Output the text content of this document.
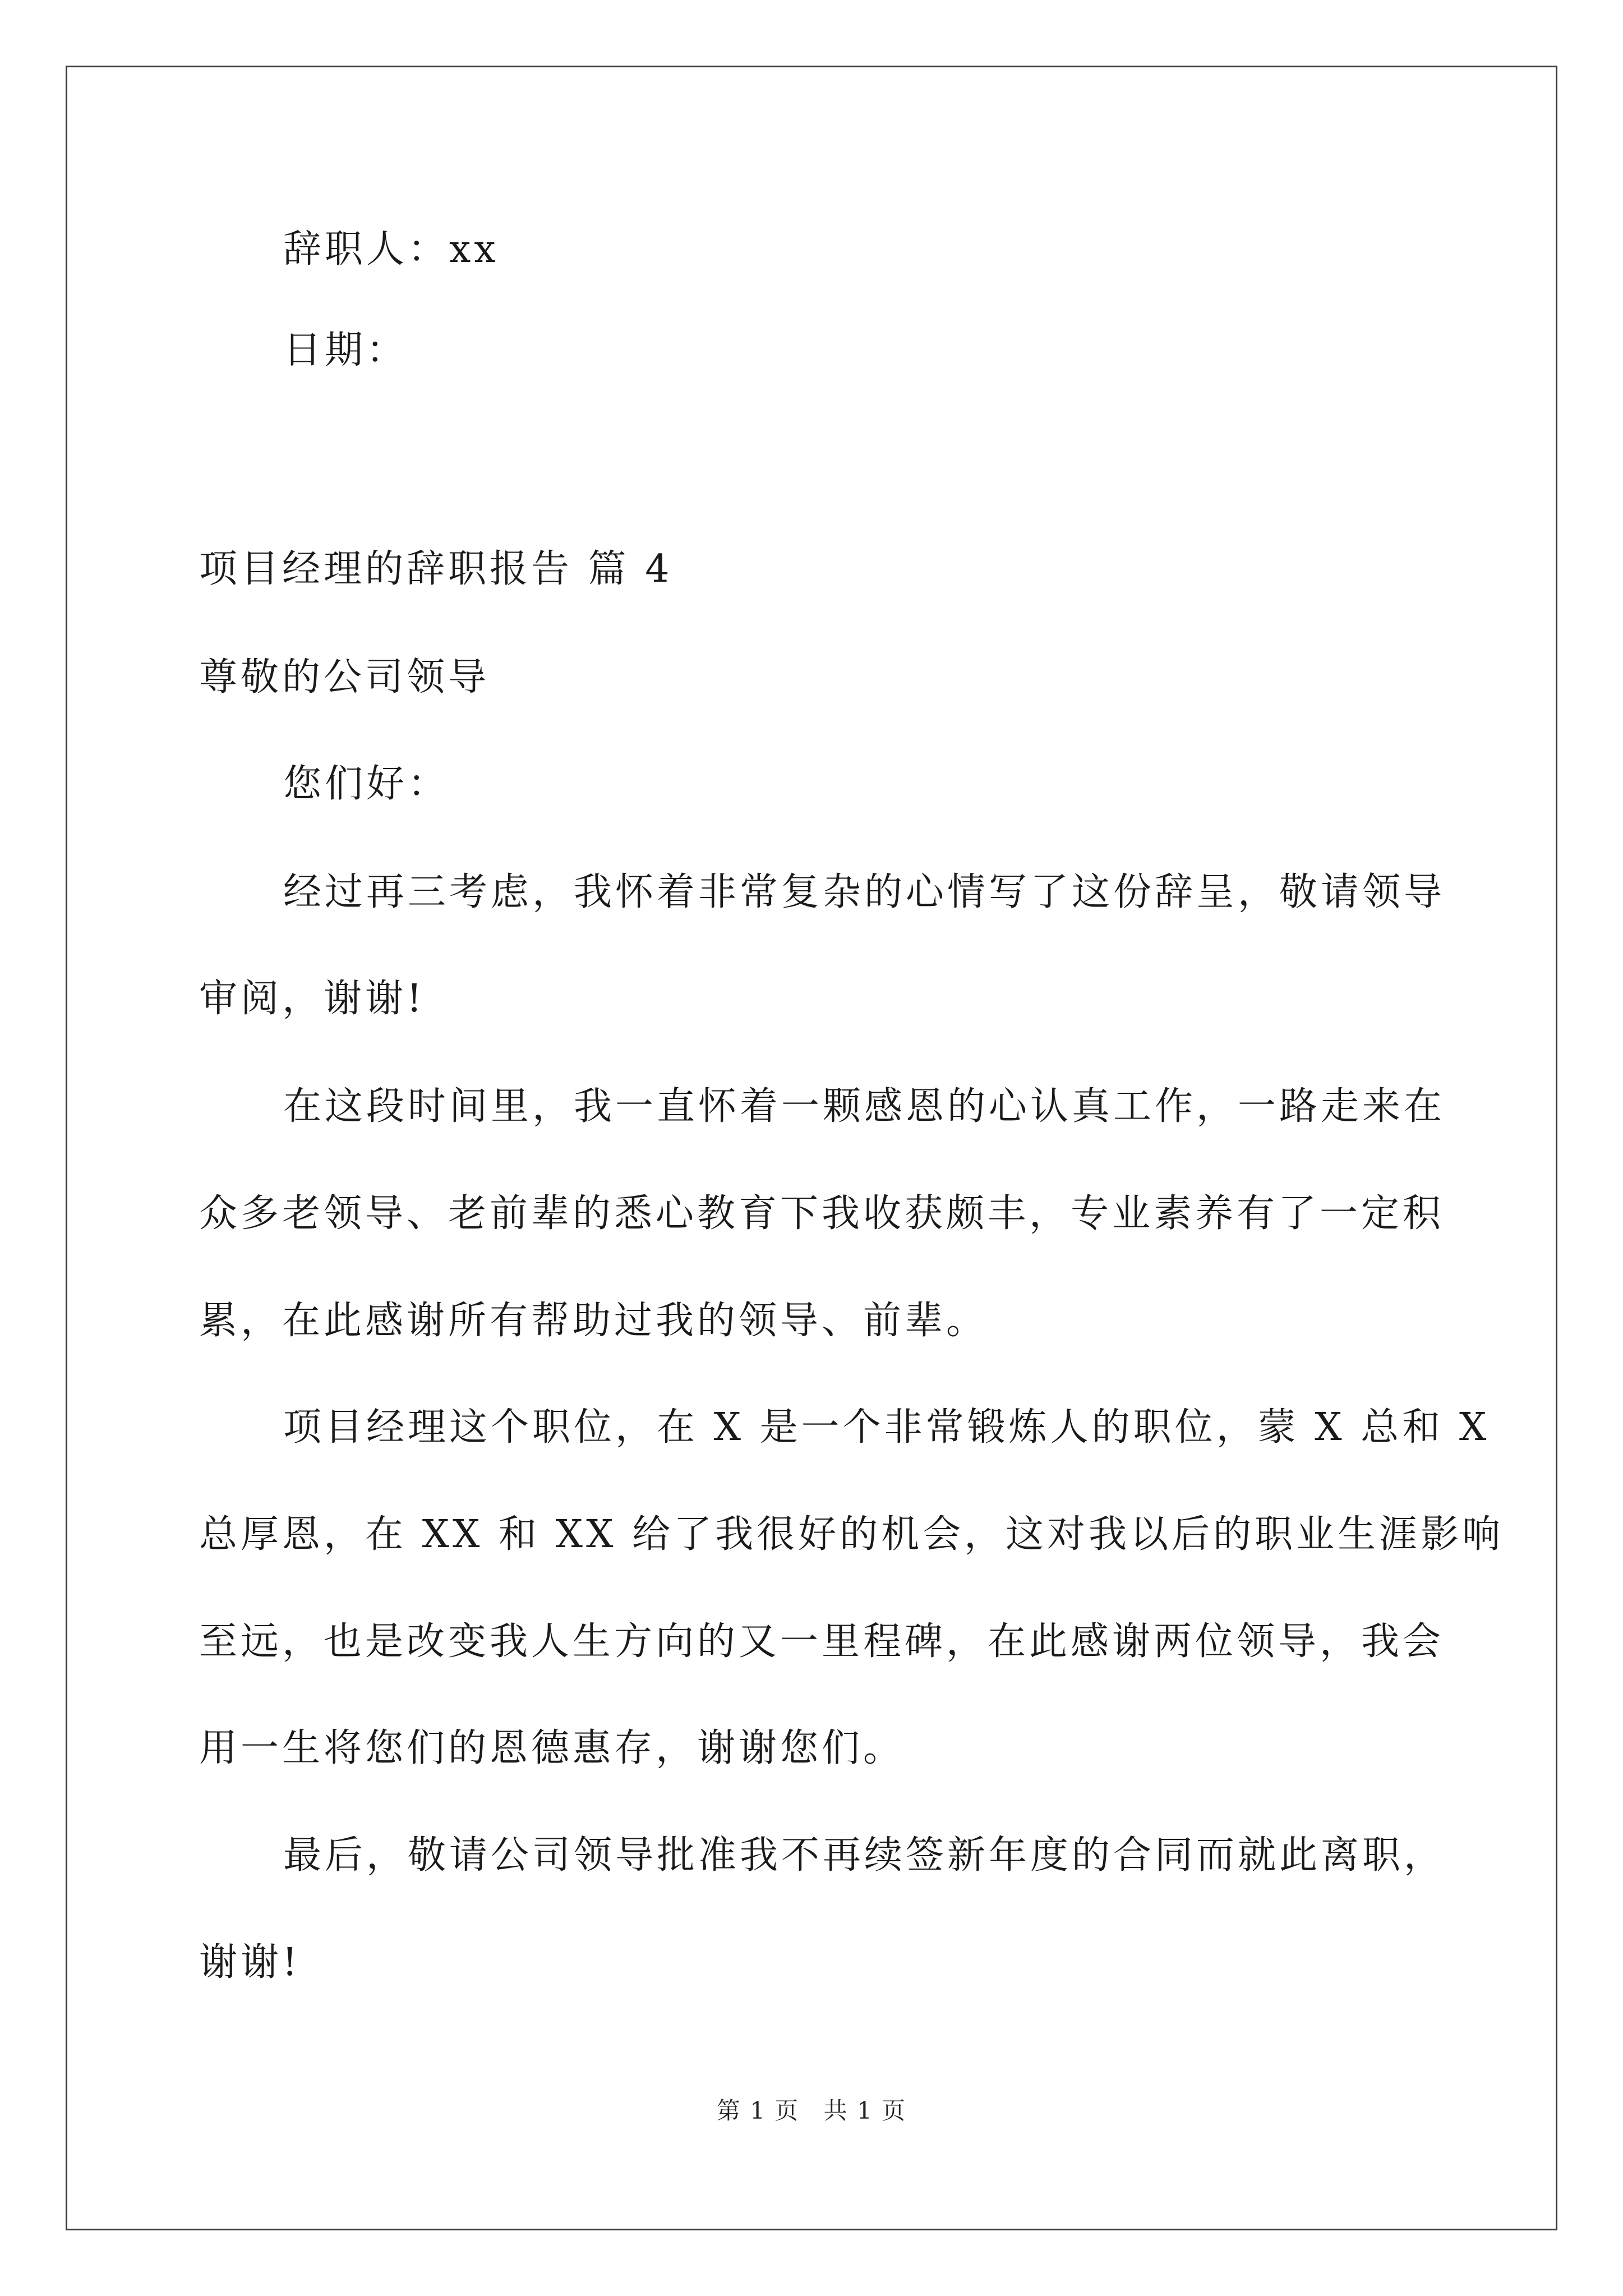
辞职人：xx
日期：
项目经理的辞职报告 篇 4
尊敬的公司领导
您们好：
经过再三考虑，我怀着非常复杂的心情写了这份辞呈，敬请领导
审阅，谢谢!
在这段时间里，我一直怀着一颗感恩的心认真工作，一路走来在
众多老领导、老前辈的悉心教育下我收获颇丰，专业素养有了一定积
累，在此感谢所有帮助过我的领导、前辈。
项目经理这个职位，在 X 是一个非常锻炼人的职位，蒙 X 总和 X
总厚恩，在 XX 和 XX 给了我很好的机会，这对我以后的职业生涯影响
至远，也是改变我人生方向的又一里程碑，在此感谢两位领导，我会
用一生将您们的恩德惠存，谢谢您们。
最后，敬请公司领导批准我不再续签新年度的合同而就此离职，
谢谢!
第 1 页 共 1 页
